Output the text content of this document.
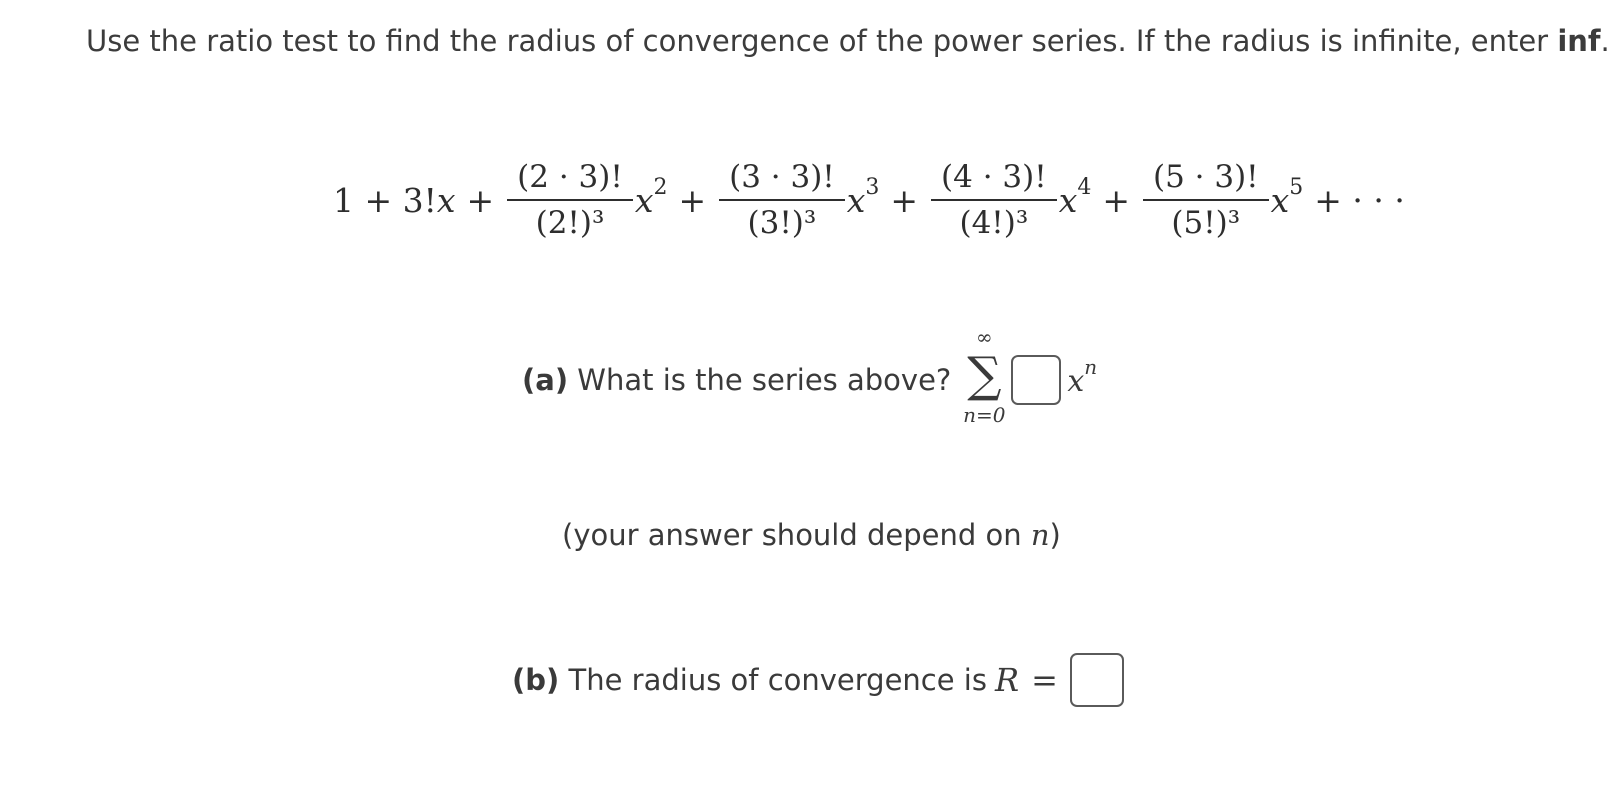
Use the ratio test to find the radius of convergence of the power series. If the radius is infinite, enter inf.
$1 + 3!x + \frac{(2 \cdot 3)!}{\text{(2!)³}} x^2 + \frac{(3 \cdot 3)!}{\text{(3!)³}} x^3 + \frac{(4 \cdot 3)!}{\text{(4!)³}} x^4 + \frac{(5 \cdot 3)!}{\text{(5!)³}} x^5$ + · · ·
(a)
What is the series above?
∞
∑
n=0
$x^n$
(your answer should depend on n)
(b)
The radius of convergence is R =
